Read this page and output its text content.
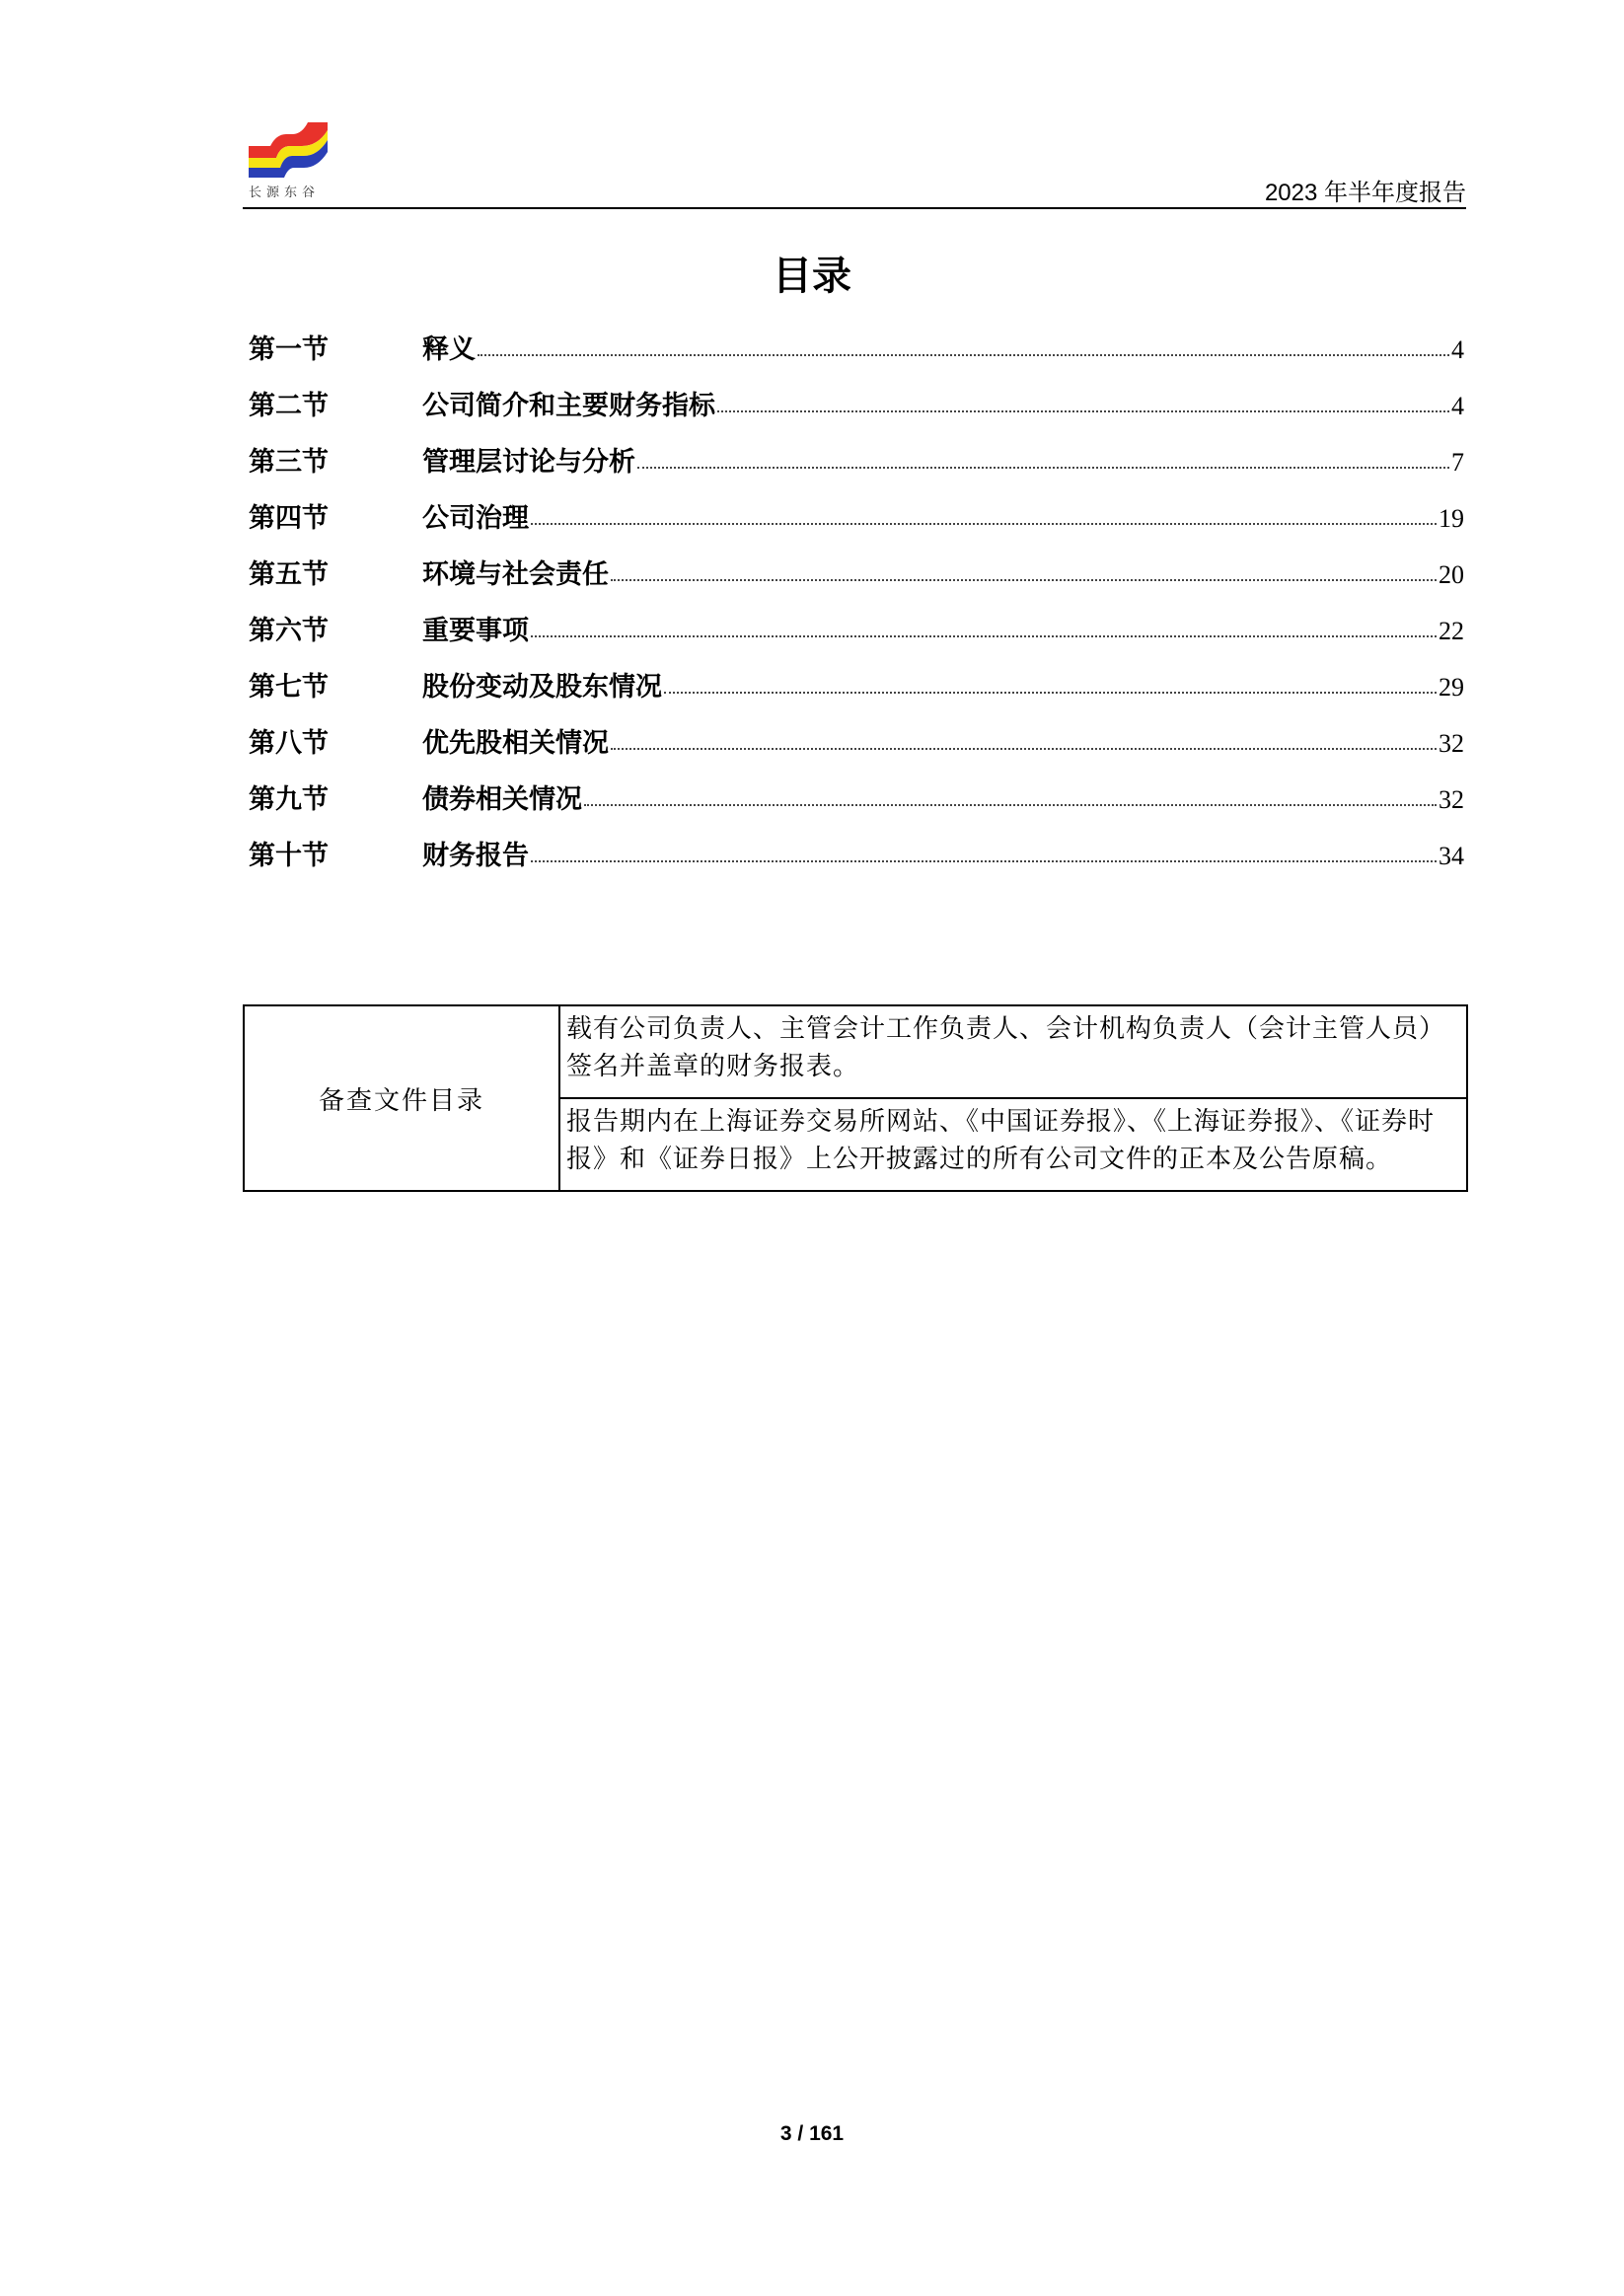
长源东谷	2023 年半年度报告
目录
第一节	释义	4
第二节	公司简介和主要财务指标	4
第三节	管理层讨论与分析	7
第四节	公司治理	19
第五节	环境与社会责任	20
第六节	重要事项	22
第七节	股份变动及股东情况	29
第八节	优先股相关情况	32
第九节	债券相关情况	32
第十节	财务报告	34
备查文件目录	载有公司负责人、主管会计工作负责人、会计机构负责人（会计主管人员）签名并盖章的财务报表。
报告期内在上海证券交易所网站、《中国证券报》、《上海证券报》、《证券时报》和《证券日报》上公开披露过的所有公司文件的正本及公告原稿。
3 / 161
